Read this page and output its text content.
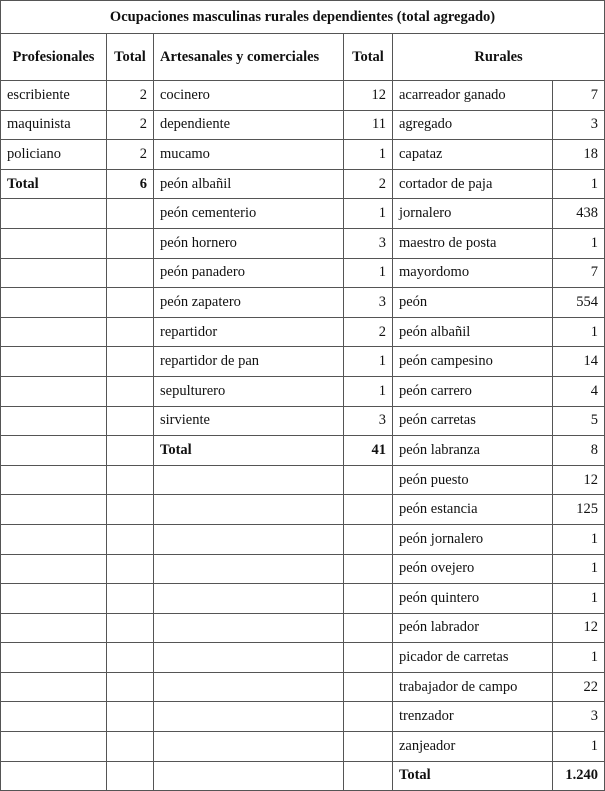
Ocupaciones masculinas rurales dependientes (total agregado)					
Profesionales	Total	Artesanales y comerciales	Total	Rurales	
escribiente	2	cocinero	12	acarreador ganado	7
maquinista	2	dependiente	11	agregado	3
policiano	2	mucamo	1	capataz	18
Total	6	peón albañil	2	cortador de paja	1
		peón cementerio	1	jornalero	438
		peón hornero	3	maestro de posta	1
		peón panadero	1	mayordomo	7
		peón zapatero	3	peón	554
		repartidor	2	peón albañil	1
		repartidor de pan	1	peón campesino	14
		sepulturero	1	peón carrero	4
		sirviente	3	peón carretas	5
		Total	41	peón labranza	8
				peón puesto	12
				peón estancia	125
				peón jornalero	1
				peón ovejero	1
				peón quintero	1
				peón labrador	12
				picador de carretas	1
				trabajador de campo	22
				trenzador	3
				zanjeador	1
				Total	1.240
